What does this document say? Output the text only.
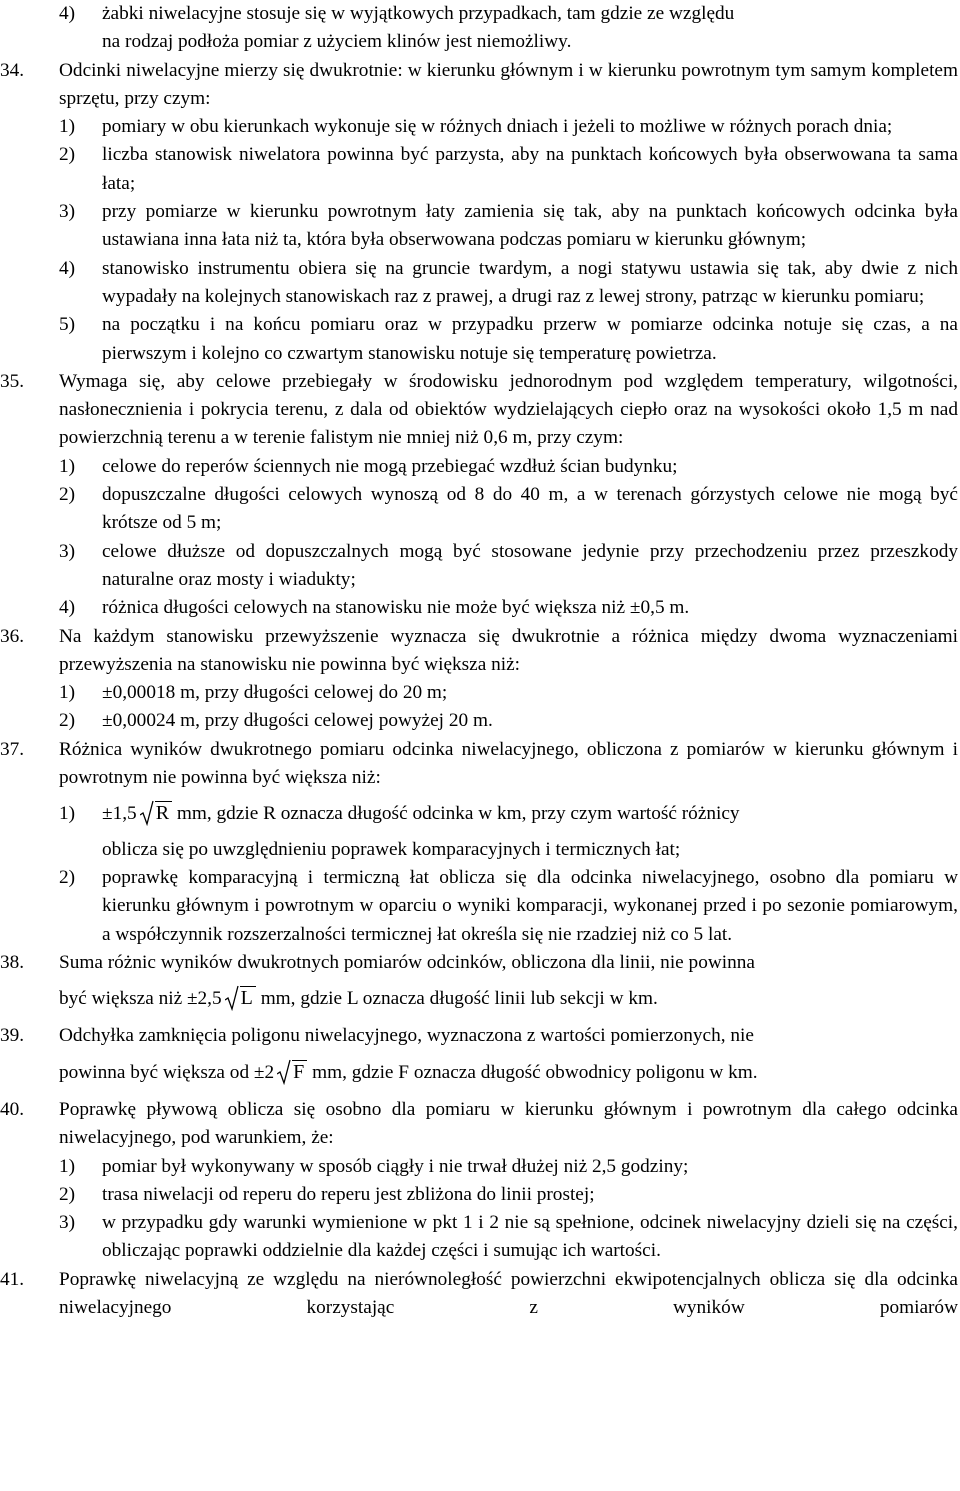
4) żabki niwelacyjne stosuje się w wyjątkowych przypadkach, tam gdzie ze względu
na rodzaj podłoża pomiar z użyciem klinów jest niemożliwy.
34. Odcinki niwelacyjne mierzy się dwukrotnie: w kierunku głównym i w kierunku powrotnym tym samym kompletem sprzętu, przy czym:
1) pomiary w obu kierunkach wykonuje się w różnych dniach i jeżeli to możliwe w różnych porach dnia;
2) liczba stanowisk niwelatora powinna być parzysta, aby na punktach końcowych była obserwowana ta sama łata;
3) przy pomiarze w kierunku powrotnym łaty zamienia się tak, aby na punktach końcowych odcinka była ustawiana inna łata niż ta, która była obserwowana podczas pomiaru w kierunku głównym;
4) stanowisko instrumentu obiera się na gruncie twardym, a nogi statywu ustawia się tak, aby dwie z nich wypadały na kolejnych stanowiskach raz z prawej, a drugi raz z lewej strony, patrząc w kierunku pomiaru;
5) na początku i na końcu pomiaru oraz w przypadku przerw w pomiarze odcinka notuje się czas, a na pierwszym i kolejno co czwartym stanowisku notuje się temperaturę powietrza.
35. Wymaga się, aby celowe przebiegały w środowisku jednorodnym pod względem temperatury, wilgotności, nasłonecznienia i pokrycia terenu, z dala od obiektów wydzielających ciepło oraz na wysokości około 1,5 m nad powierzchnią terenu a w terenie falistym nie mniej niż 0,6 m, przy czym:
1) celowe do reperów ściennych nie mogą przebiegać wzdłuż ścian budynku;
2) dopuszczalne długości celowych wynoszą od 8 do 40 m, a w terenach górzystych celowe nie mogą być krótsze od 5 m;
3) celowe dłuższe od dopuszczalnych mogą być stosowane jedynie przy przechodzeniu przez przeszkody naturalne oraz mosty i wiadukty;
4) różnica długości celowych na stanowisku nie może być większa niż ±0,5 m.
36. Na każdym stanowisku przewyższenie wyznacza się dwukrotnie a różnica między dwoma wyznaczeniami przewyższenia na stanowisku nie powinna być większa niż:
1) ±0,00018 m, przy długości celowej do 20 m;
2) ±0,00024 m, przy długości celowej powyżej 20 m.
37. Różnica wyników dwukrotnego pomiaru odcinka niwelacyjnego, obliczona z pomiarów w kierunku głównym i powrotnym nie powinna być większa niż:
1) ±1,5 R mm, gdzie R oznacza długość odcinka w km, przy czym wartość różnicy
oblicza się po uwzględnieniu poprawek komparacyjnych i termicznych łat;
2) poprawkę komparacyjną i termiczną łat oblicza się dla odcinka niwelacyjnego, osobno dla pomiaru w kierunku głównym i powrotnym w oparciu o wyniki komparacji, wykonanej przed i po sezonie pomiarowym, a współczynnik rozszerzalności termicznej łat określa się nie rzadziej niż co 5 lat.
38. Suma różnic wyników dwukrotnych pomiarów odcinków, obliczona dla linii, nie powinna
być większa niż ±2,5 L mm, gdzie L oznacza długość linii lub sekcji w km.
39. Odchyłka zamknięcia poligonu niwelacyjnego, wyznaczona z wartości pomierzonych, nie
powinna być większa od ±2 F mm, gdzie F oznacza długość obwodnicy poligonu w km.
40. Poprawkę pływową oblicza się osobno dla pomiaru w kierunku głównym i powrotnym dla całego odcinka niwelacyjnego, pod warunkiem, że:
1) pomiar był wykonywany w sposób ciągły i nie trwał dłużej niż 2,5 godziny;
2) trasa niwelacji od reperu do reperu jest zbliżona do linii prostej;
3) w przypadku gdy warunki wymienione w pkt 1 i 2 nie są spełnione, odcinek niwelacyjny dzieli się na części, obliczając poprawki oddzielnie dla każdej części i sumując ich wartości.
41. Poprawkę niwelacyjną ze względu na nierównoległość powierzchni ekwipotencjalnych oblicza się dla odcinka niwelacyjnego korzystając z wyników pomiarów
